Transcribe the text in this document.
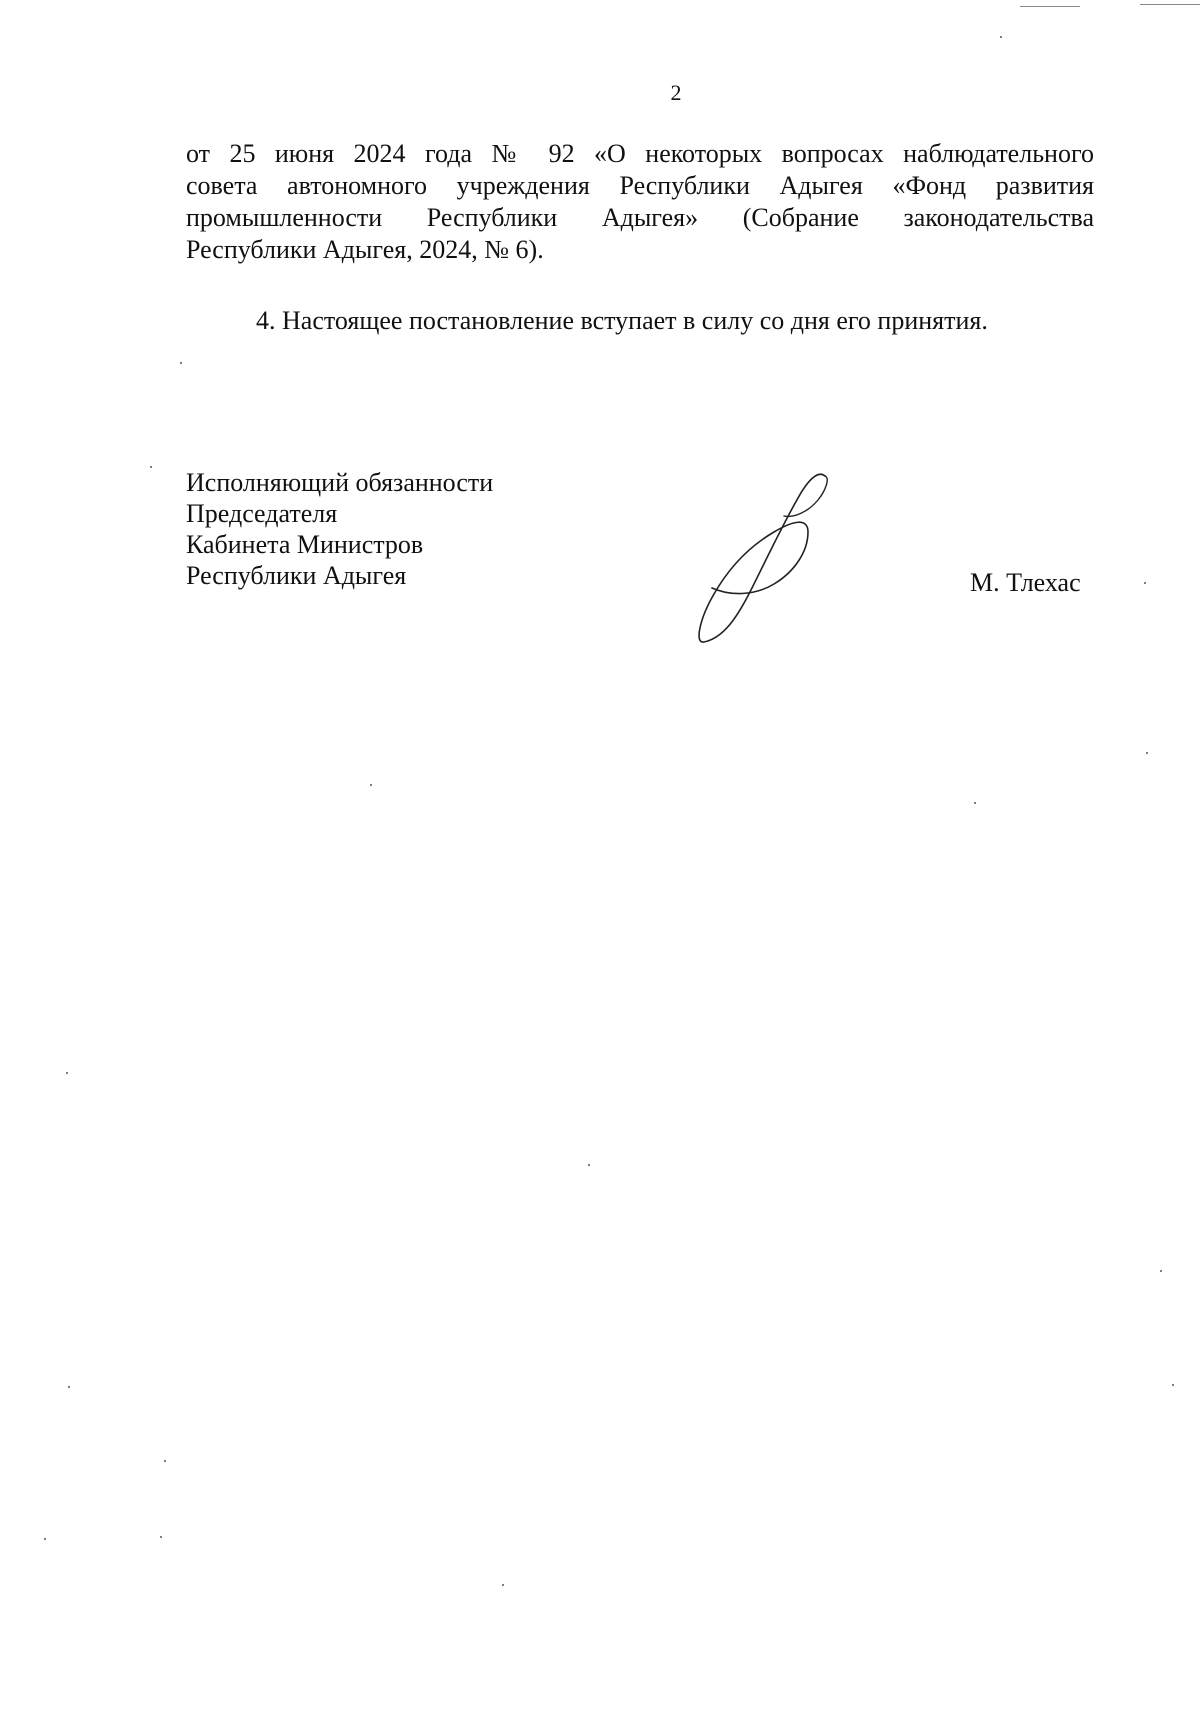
2
от 25 июня 2024 года № 92 «О некоторых вопросах наблюдательного
совета автономного учреждения Республики Адыгея «Фонд развития
промышленности Республики Адыгея» (Собрание законодательства
Республики Адыгея, 2024, № 6).
4. Настоящее постановление вступает в силу со дня его принятия.
Исполняющий обязанности
Председателя
Кабинета Министров
Республики Адыгея	М. Тлехас
